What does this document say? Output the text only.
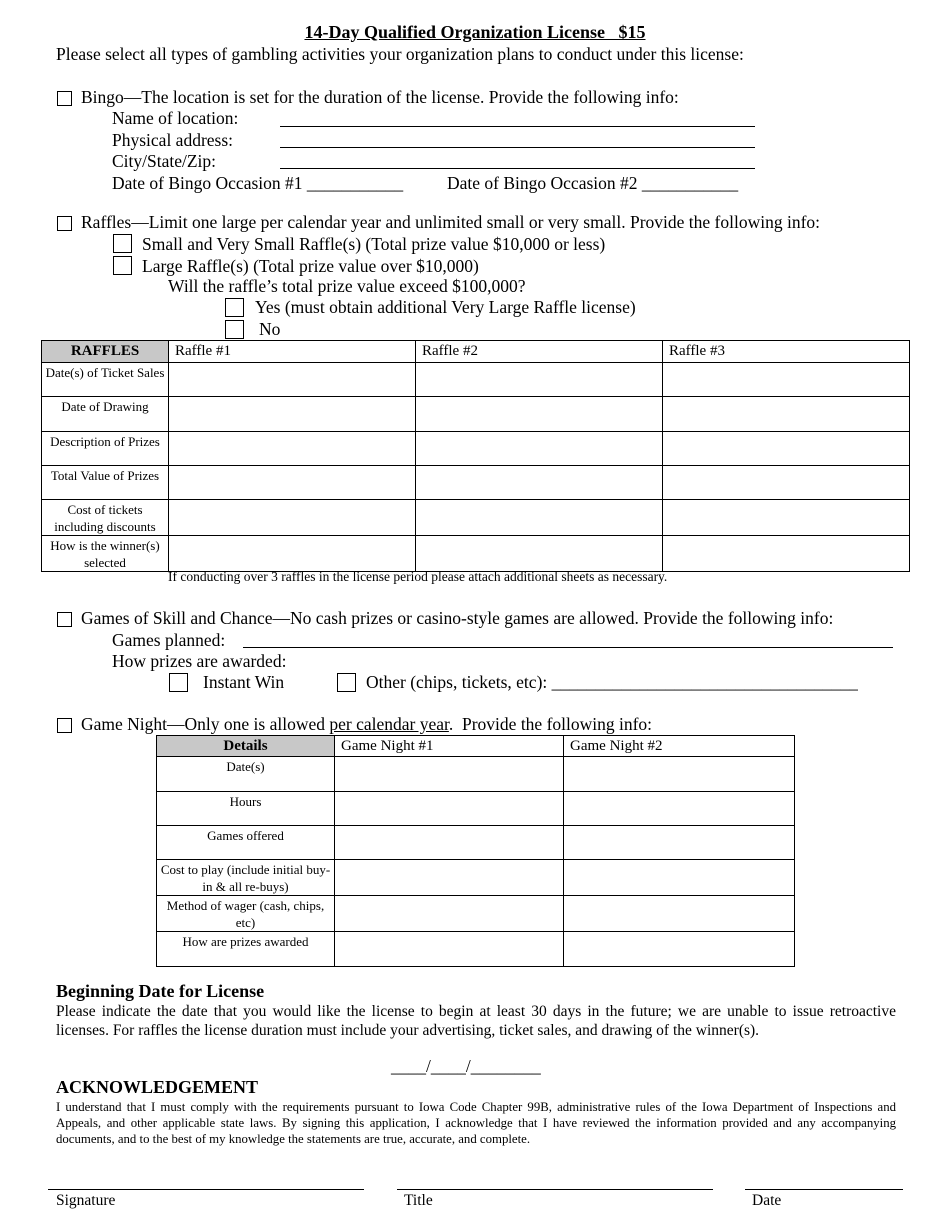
14-Day Qualified Organization License   $15
Please select all types of gambling activities your organization plans to conduct under this license:
Bingo—The location is set for the duration of the license. Provide the following info:
Name of location:
Physical address:
City/State/Zip:
Date of Bingo Occasion #1 ___________	Date of Bingo Occasion #2 ___________
Raffles—Limit one large per calendar year and unlimited small or very small. Provide the following info:
Small and Very Small Raffle(s) (Total prize value $10,000 or less)
Large Raffle(s) (Total prize value over $10,000)
Will the raffle’s total prize value exceed $100,000?
Yes (must obtain additional Very Large Raffle license)
No
RAFFLES	Raffle #1	Raffle #2	Raffle #3
Date(s) of Ticket Sales			
Date of Drawing			
Description of Prizes			
Total Value of Prizes			
Cost of tickets including discounts			
How is the winner(s) selected			
If conducting over 3 raffles in the license period please attach additional sheets as necessary.
Games of Skill and Chance—No cash prizes or casino-style games are allowed. Provide the following info:
Games planned:
How prizes are awarded:
Instant Win	Other (chips, tickets, etc): ___________________________________
Game Night—Only one is allowed per calendar year.  Provide the following info:
Details	Game Night #1	Game Night #2
Date(s)		
Hours		
Games offered		
Cost to play (include initial buy-in & all re-buys)		
Method of wager (cash, chips, etc)		
How are prizes awarded		
Beginning Date for License
Please indicate the date that you would like the license to begin at least 30 days in the future; we are unable to issue retroactive licenses. For raffles the license duration must include your advertising, ticket sales, and drawing of the winner(s).
____/____/________
ACKNOWLEDGEMENT
I understand that I must comply with the requirements pursuant to Iowa Code Chapter 99B, administrative rules of the Iowa Department of Inspections and Appeals, and other applicable state laws. By signing this application, I acknowledge that I have reviewed the information provided and any accompanying documents, and to the best of my knowledge the statements are true, accurate, and complete.
Signature	Title	Date
